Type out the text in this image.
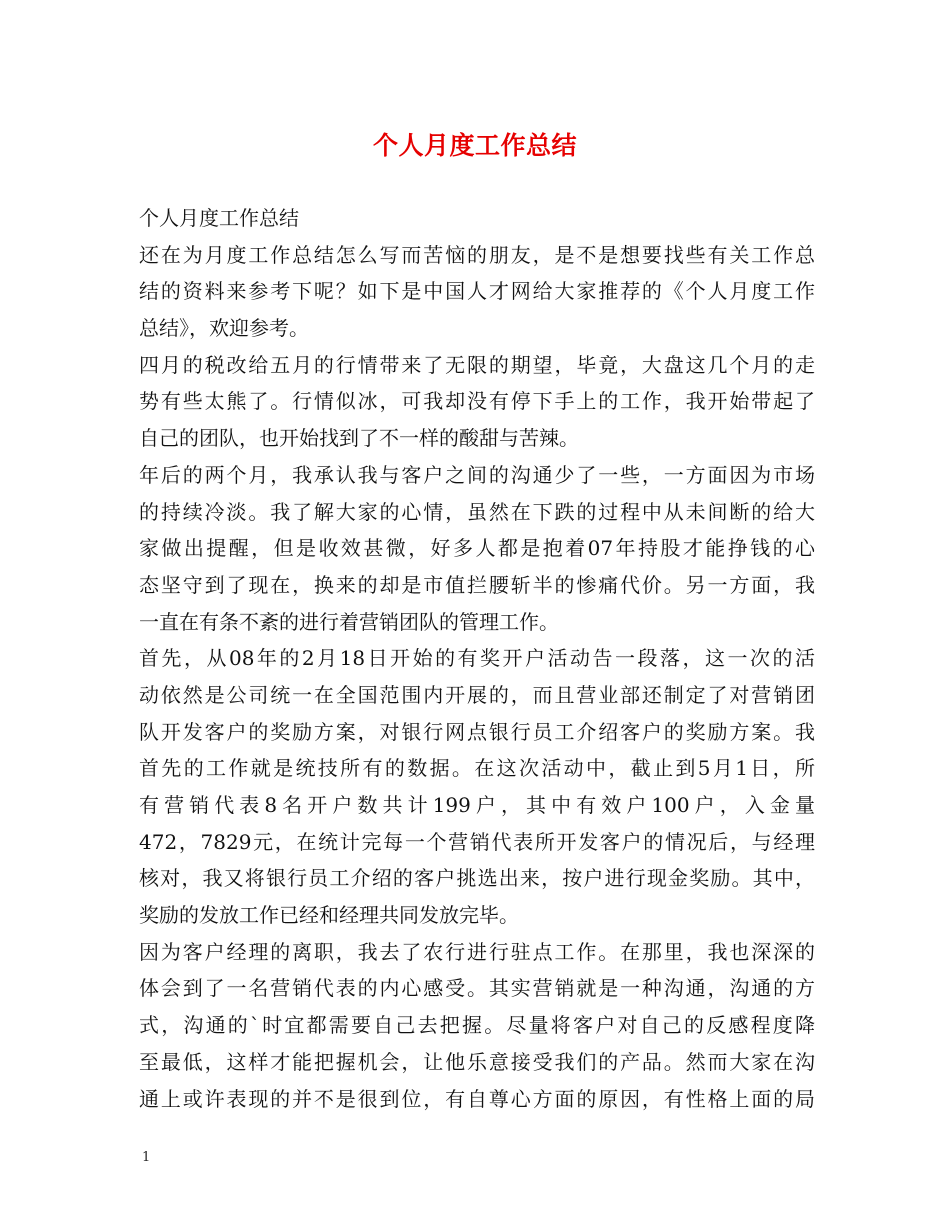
个人月度工作总结
个人月度工作总结
还在为月度工作总结怎么写而苦恼的朋友，是不是想要找些有关工作总
结的资料来参考下呢？如下是中国人才网给大家推荐的《个人月度工作
总结》，欢迎参考。
四月的税改给五月的行情带来了无限的期望，毕竟，大盘这几个月的走
势有些太熊了。行情似冰，可我却没有停下手上的工作，我开始带起了
自己的团队，也开始找到了不一样的酸甜与苦辣。
年后的两个月，我承认我与客户之间的沟通少了一些，一方面因为市场
的持续冷淡。我了解大家的心情，虽然在下跌的过程中从未间断的给大
家做出提醒，但是收效甚微，好多人都是抱着07年持股才能挣钱的心
态坚守到了现在，换来的却是市值拦腰斩半的惨痛代价。另一方面，我
一直在有条不紊的进行着营销团队的管理工作。
首先，从08年的2月18日开始的有奖开户活动告一段落，这一次的活
动依然是公司统一在全国范围内开展的，而且营业部还制定了对营销团
队开发客户的奖励方案，对银行网点银行员工介绍客户的奖励方案。我
首先的工作就是统技所有的数据。在这次活动中，截止到5月1日，所
有营销代表8名开户数共计199户，其中有效户100户，入金量
472，7829元，在统计完每一个营销代表所开发客户的情况后，与经理
核对，我又将银行员工介绍的客户挑选出来，按户进行现金奖励。其中，
奖励的发放工作已经和经理共同发放完毕。
因为客户经理的离职，我去了农行进行驻点工作。在那里，我也深深的
体会到了一名营销代表的内心感受。其实营销就是一种沟通，沟通的方
式，沟通的`时宜都需要自己去把握。尽量将客户对自己的反感程度降
至最低，这样才能把握机会，让他乐意接受我们的产品。然而大家在沟
通上或许表现的并不是很到位，有自尊心方面的原因，有性格上面的局
1
